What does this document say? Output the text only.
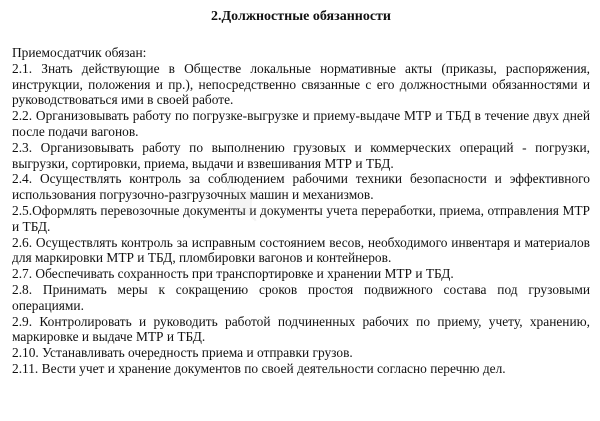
2.Должностные обязанности

Приемосдатчик обязан:

2.1. Знать действующие в Обществе локальные нормативные акты (приказы, распоряжения, инструкции, положения и пр.), непосредственно связанные с его должностными обязанностями и руководствоваться ими в своей работе.
2.2. Организовывать работу по погрузке-выгрузке и приему-выдаче МТР и ТБД в течение двух дней после подачи вагонов.
2.3. Организовывать работу по выполнению грузовых и коммерческих операций - погрузки, выгрузки, сортировки, приема, выдачи и взвешивания МТР и ТБД.
2.4. Осуществлять контроль за соблюдением рабочими техники безопасности и эффективного использования погрузочно-разгрузочных машин и механизмов.
2.5.Оформлять перевозочные документы и документы учета переработки, приема, отправления МТР и ТБД.
2.6. Осуществлять контроль за исправным состоянием весов, необходимого инвентаря и материалов для маркировки МТР и ТБД, пломбировки вагонов и контейнеров.
2.7. Обеспечивать сохранность при транспортировке и хранении МТР и ТБД.
2.8. Принимать меры к сокращению сроков простоя подвижного состава под грузовыми операциями.
2.9. Контролировать и руководить работой подчиненных рабочих по приему, учету, хранению, маркировке и выдаче МТР и ТБД.
2.10. Устанавливать очередность приема и отправки грузов.
2.11. Вести учет и хранение документов по своей деятельности согласно перечню дел.
✦
